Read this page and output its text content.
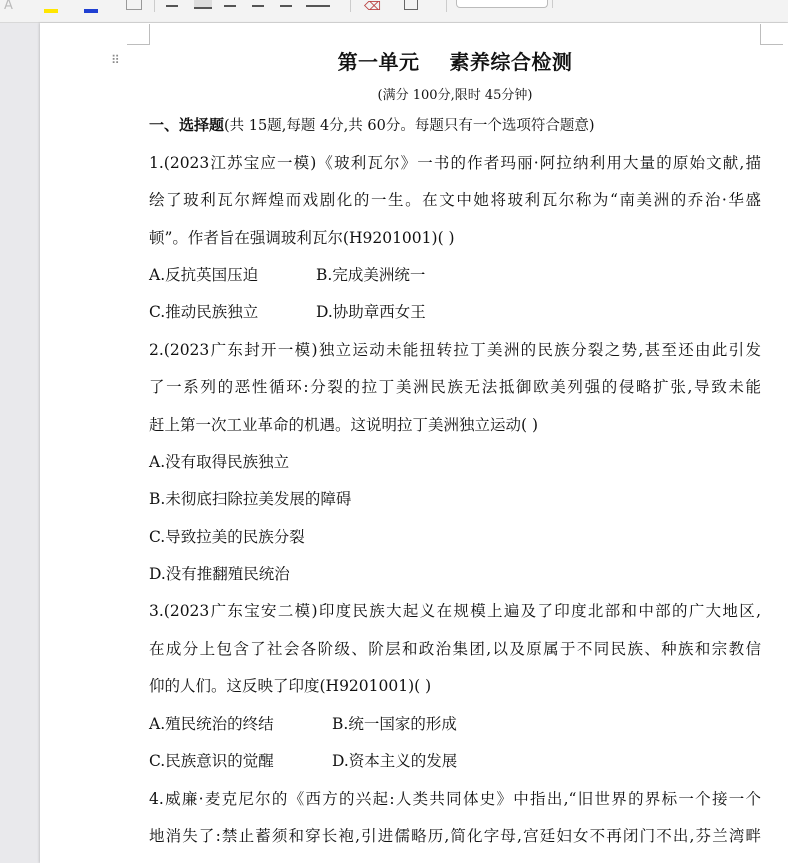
A	⌫
⠿	第一单元    素养综合检测
(满分 100分,限时 45分钟)
一、选择题(共 15题,每题 4分,共 60分。每题只有一个选项符合题意)
1.(2023江苏宝应一模)《玻利瓦尔》一书的作者玛丽·阿拉纳利用大量的原始文献,描
绘了玻利瓦尔辉煌而戏剧化的一生。在文中她将玻利瓦尔称为“南美洲的乔治·华盛
顿”。作者旨在强调玻利瓦尔(H9201001)( )
A.反抗英国压迫	B.完成美洲统一
C.推动民族独立	D.协助章西女王
2.(2023广东封开一模)独立运动未能扭转拉丁美洲的民族分裂之势,甚至还由此引发
了一系列的恶性循环:分裂的拉丁美洲民族无法抵御欧美列强的侵略扩张,导致未能
赶上第一次工业革命的机遇。这说明拉丁美洲独立运动( )
A.没有取得民族独立
B.未彻底扫除拉美发展的障碍
C.导致拉美的民族分裂
D.没有推翻殖民统治
3.(2023广东宝安二模)印度民族大起义在规模上遍及了印度北部和中部的广大地区,
在成分上包含了社会各阶级、阶层和政治集团,以及原属于不同民族、种族和宗教信
仰的人们。这反映了印度(H9201001)( )
A.殖民统治的终结	B.统一国家的形成
C.民族意识的觉醒	D.资本主义的发展
4.威廉·麦克尼尔的《西方的兴起:人类共同体史》中指出,“旧世界的界标一个接一个
地消失了:禁止蓄须和穿长袍,引进儒略历,简化字母,宫廷妇女不再闭门不出,芬兰湾畔
